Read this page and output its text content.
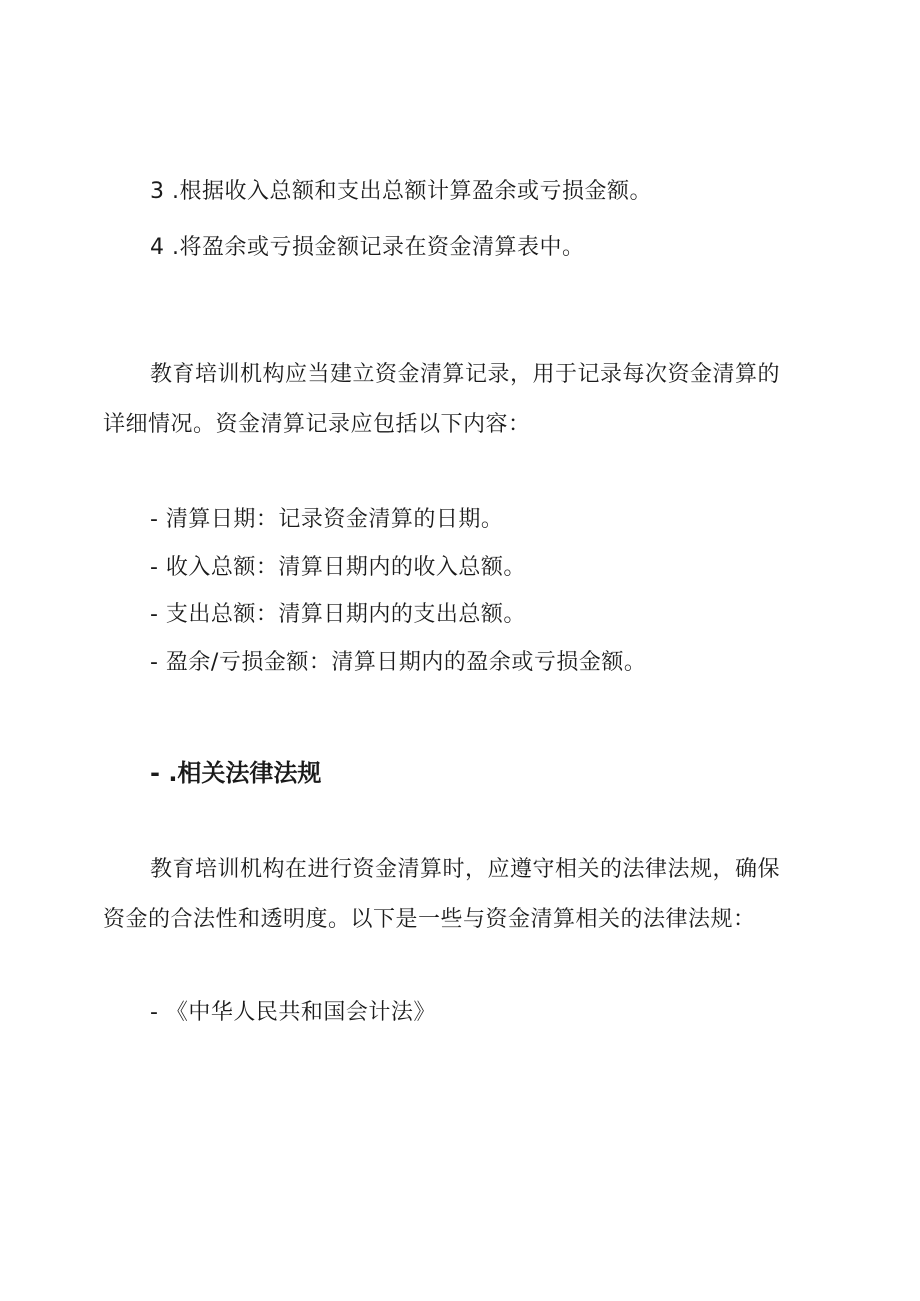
3 .根据收入总额和支出总额计算盈余或亏损金额。
4 .将盈余或亏损金额记录在资金清算表中。
教育培训机构应当建立资金清算记录，用于记录每次资金清算的
详细情况。资金清算记录应包括以下内容：
- 清算日期：记录资金清算的日期。
- 收入总额：清算日期内的收入总额。
- 支出总额：清算日期内的支出总额。
- 盈余/亏损金额：清算日期内的盈余或亏损金额。
- .相关法律法规
教育培训机构在进行资金清算时，应遵守相关的法律法规，确保
资金的合法性和透明度。以下是一些与资金清算相关的法律法规：
- 《中华人民共和国会计法》
